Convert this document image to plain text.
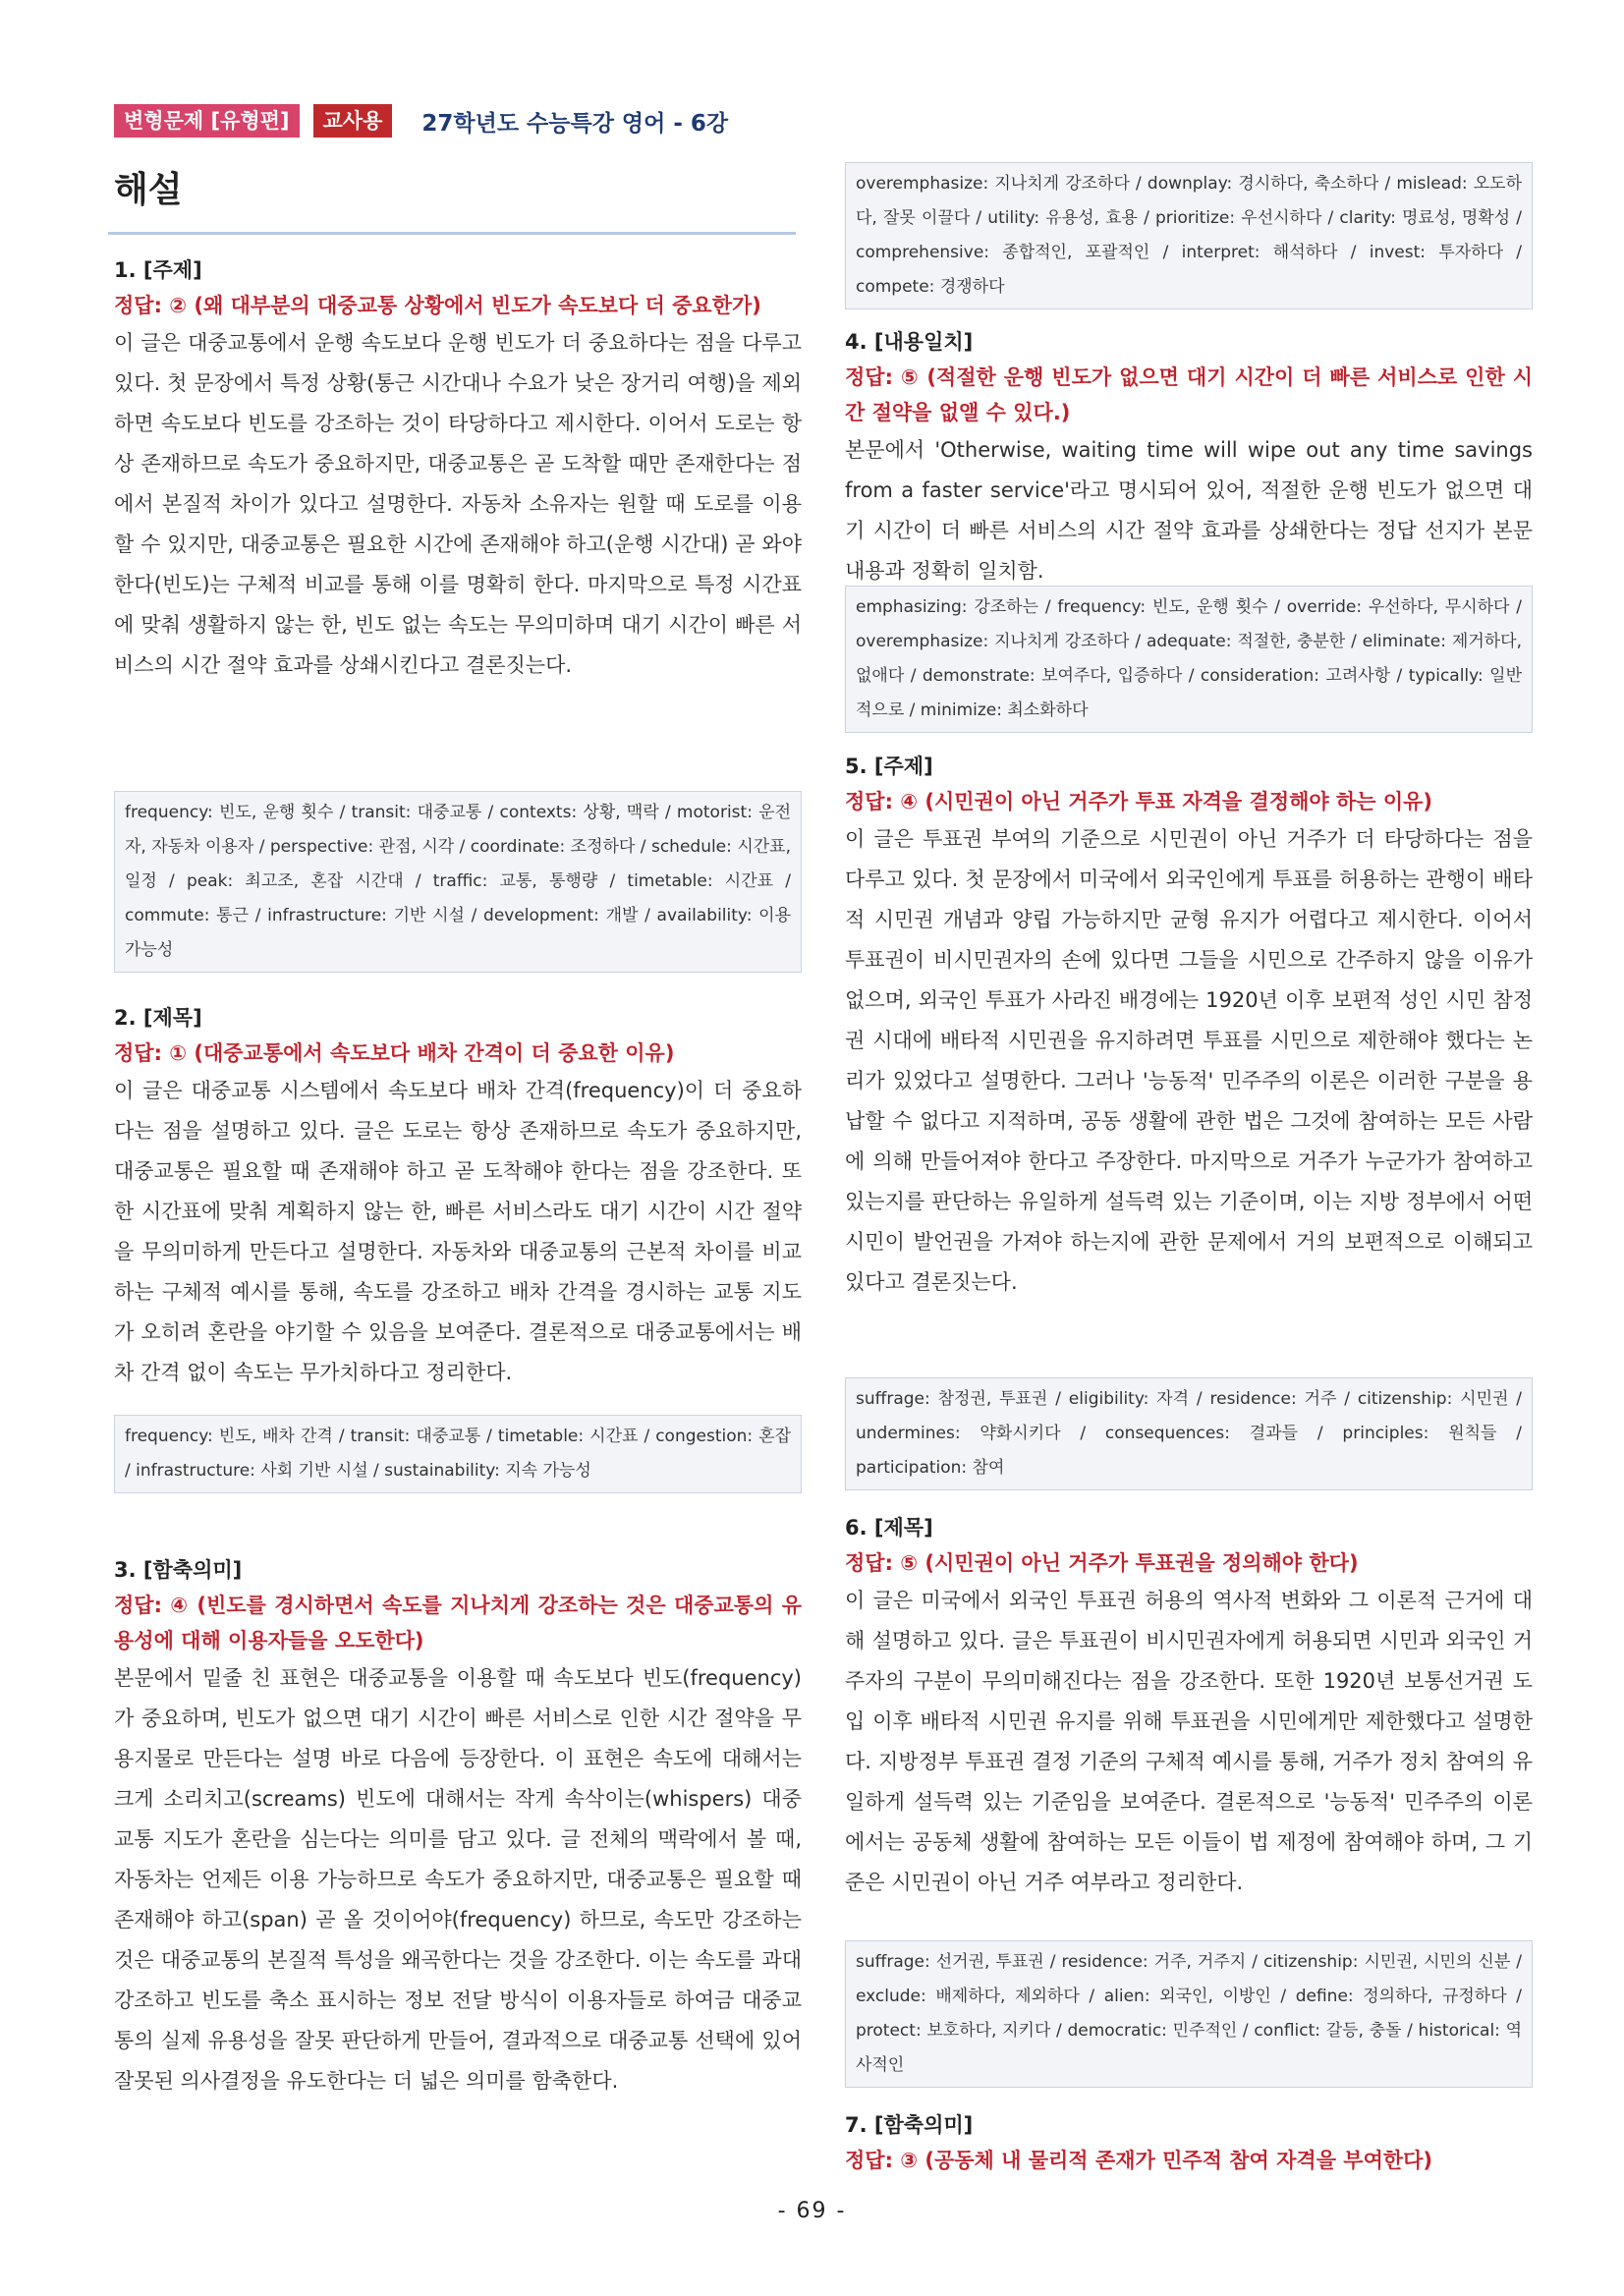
변형문제 [유형편]	교사용	27학년도 수능특강 영어 - 6강
해설
1. [주제]
정답: ② (왜 대부분의 대중교통 상황에서 빈도가 속도보다 더 중요한가)
이 글은 대중교통에서 운행 속도보다 운행 빈도가 더 중요하다는 점을 다루고 있다. 첫 문장에서 특정 상황(통근 시간대나 수요가 낮은 장거리 여행)을 제외하면 속도보다 빈도를 강조하는 것이 타당하다고 제시한다. 이어서 도로는 항상 존재하므로 속도가 중요하지만, 대중교통은 곧 도착할 때만 존재한다는 점에서 본질적 차이가 있다고 설명한다. 자동차 소유자는 원할 때 도로를 이용할 수 있지만, 대중교통은 필요한 시간에 존재해야 하고(운행 시간대) 곧 와야 한다(빈도)는 구체적 비교를 통해 이를 명확히 한다. 마지막으로 특정 시간표에 맞춰 생활하지 않는 한, 빈도 없는 속도는 무의미하며 대기 시간이 빠른 서비스의 시간 절약 효과를 상쇄시킨다고 결론짓는다.
frequency: 빈도, 운행 횟수 / transit: 대중교통 / contexts: 상황, 맥락 / motorist: 운전자, 자동차 이용자 / perspective: 관점, 시각 / coordinate: 조정하다 / schedule: 시간표, 일정 / peak: 최고조, 혼잡 시간대 / traffic: 교통, 통행량 / timetable: 시간표 / commute: 통근 / infrastructure: 기반 시설 / development: 개발 / availability: 이용 가능성
2. [제목]
정답: ① (대중교통에서 속도보다 배차 간격이 더 중요한 이유)
이 글은 대중교통 시스템에서 속도보다 배차 간격(frequency)이 더 중요하다는 점을 설명하고 있다. 글은 도로는 항상 존재하므로 속도가 중요하지만, 대중교통은 필요할 때 존재해야 하고 곧 도착해야 한다는 점을 강조한다. 또한 시간표에 맞춰 계획하지 않는 한, 빠른 서비스라도 대기 시간이 시간 절약을 무의미하게 만든다고 설명한다. 자동차와 대중교통의 근본적 차이를 비교하는 구체적 예시를 통해, 속도를 강조하고 배차 간격을 경시하는 교통 지도가 오히려 혼란을 야기할 수 있음을 보여준다. 결론적으로 대중교통에서는 배차 간격 없이 속도는 무가치하다고 정리한다.
frequency: 빈도, 배차 간격 / transit: 대중교통 / timetable: 시간표 / congestion: 혼잡 / infrastructure: 사회 기반 시설 / sustainability: 지속 가능성
3. [함축의미]
정답: ④ (빈도를 경시하면서 속도를 지나치게 강조하는 것은 대중교통의 유용성에 대해 이용자들을 오도한다)
본문에서 밑줄 친 표현은 대중교통을 이용할 때 속도보다 빈도(frequency)가 중요하며, 빈도가 없으면 대기 시간이 빠른 서비스로 인한 시간 절약을 무용지물로 만든다는 설명 바로 다음에 등장한다. 이 표현은 속도에 대해서는 크게 소리치고(screams) 빈도에 대해서는 작게 속삭이는(whispers) 대중교통 지도가 혼란을 심는다는 의미를 담고 있다. 글 전체의 맥락에서 볼 때, 자동차는 언제든 이용 가능하므로 속도가 중요하지만, 대중교통은 필요할 때 존재해야 하고(span) 곧 올 것이어야(frequency) 하므로, 속도만 강조하는 것은 대중교통의 본질적 특성을 왜곡한다는 것을 강조한다. 이는 속도를 과대 강조하고 빈도를 축소 표시하는 정보 전달 방식이 이용자들로 하여금 대중교통의 실제 유용성을 잘못 판단하게 만들어, 결과적으로 대중교통 선택에 있어 잘못된 의사결정을 유도한다는 더 넓은 의미를 함축한다.
overemphasize: 지나치게 강조하다 / downplay: 경시하다, 축소하다 / mislead: 오도하다, 잘못 이끌다 / utility: 유용성, 효용 / prioritize: 우선시하다 / clarity: 명료성, 명확성 / comprehensive: 종합적인, 포괄적인 / interpret: 해석하다 / invest: 투자하다 / compete: 경쟁하다
4. [내용일치]
정답: ⑤ (적절한 운행 빈도가 없으면 대기 시간이 더 빠른 서비스로 인한 시간 절약을 없앨 수 있다.)
본문에서 'Otherwise, waiting time will wipe out any time savings from a faster service'라고 명시되어 있어, 적절한 운행 빈도가 없으면 대기 시간이 더 빠른 서비스의 시간 절약 효과를 상쇄한다는 정답 선지가 본문 내용과 정확히 일치함.
emphasizing: 강조하는 / frequency: 빈도, 운행 횟수 / override: 우선하다, 무시하다 / overemphasize: 지나치게 강조하다 / adequate: 적절한, 충분한 / eliminate: 제거하다, 없애다 / demonstrate: 보여주다, 입증하다 / consideration: 고려사항 / typically: 일반적으로 / minimize: 최소화하다
5. [주제]
정답: ④ (시민권이 아닌 거주가 투표 자격을 결정해야 하는 이유)
이 글은 투표권 부여의 기준으로 시민권이 아닌 거주가 더 타당하다는 점을 다루고 있다. 첫 문장에서 미국에서 외국인에게 투표를 허용하는 관행이 배타적 시민권 개념과 양립 가능하지만 균형 유지가 어렵다고 제시한다. 이어서 투표권이 비시민권자의 손에 있다면 그들을 시민으로 간주하지 않을 이유가 없으며, 외국인 투표가 사라진 배경에는 1920년 이후 보편적 성인 시민 참정권 시대에 배타적 시민권을 유지하려면 투표를 시민으로 제한해야 했다는 논리가 있었다고 설명한다. 그러나 '능동적' 민주주의 이론은 이러한 구분을 용납할 수 없다고 지적하며, 공동 생활에 관한 법은 그것에 참여하는 모든 사람에 의해 만들어져야 한다고 주장한다. 마지막으로 거주가 누군가가 참여하고 있는지를 판단하는 유일하게 설득력 있는 기준이며, 이는 지방 정부에서 어떤 시민이 발언권을 가져야 하는지에 관한 문제에서 거의 보편적으로 이해되고 있다고 결론짓는다.
suffrage: 참정권, 투표권 / eligibility: 자격 / residence: 거주 / citizenship: 시민권 / undermines: 약화시키다 / consequences: 결과들 / principles: 원칙들 / participation: 참여
6. [제목]
정답: ⑤ (시민권이 아닌 거주가 투표권을 정의해야 한다)
이 글은 미국에서 외국인 투표권 허용의 역사적 변화와 그 이론적 근거에 대해 설명하고 있다. 글은 투표권이 비시민권자에게 허용되면 시민과 외국인 거주자의 구분이 무의미해진다는 점을 강조한다. 또한 1920년 보통선거권 도입 이후 배타적 시민권 유지를 위해 투표권을 시민에게만 제한했다고 설명한다. 지방정부 투표권 결정 기준의 구체적 예시를 통해, 거주가 정치 참여의 유일하게 설득력 있는 기준임을 보여준다. 결론적으로 '능동적' 민주주의 이론에서는 공동체 생활에 참여하는 모든 이들이 법 제정에 참여해야 하며, 그 기준은 시민권이 아닌 거주 여부라고 정리한다.
suffrage: 선거권, 투표권 / residence: 거주, 거주지 / citizenship: 시민권, 시민의 신분 / exclude: 배제하다, 제외하다 / alien: 외국인, 이방인 / define: 정의하다, 규정하다 / protect: 보호하다, 지키다 / democratic: 민주적인 / conflict: 갈등, 충돌 / historical: 역사적인
7. [함축의미]
정답: ③ (공동체 내 물리적 존재가 민주적 참여 자격을 부여한다)
- 69 -
